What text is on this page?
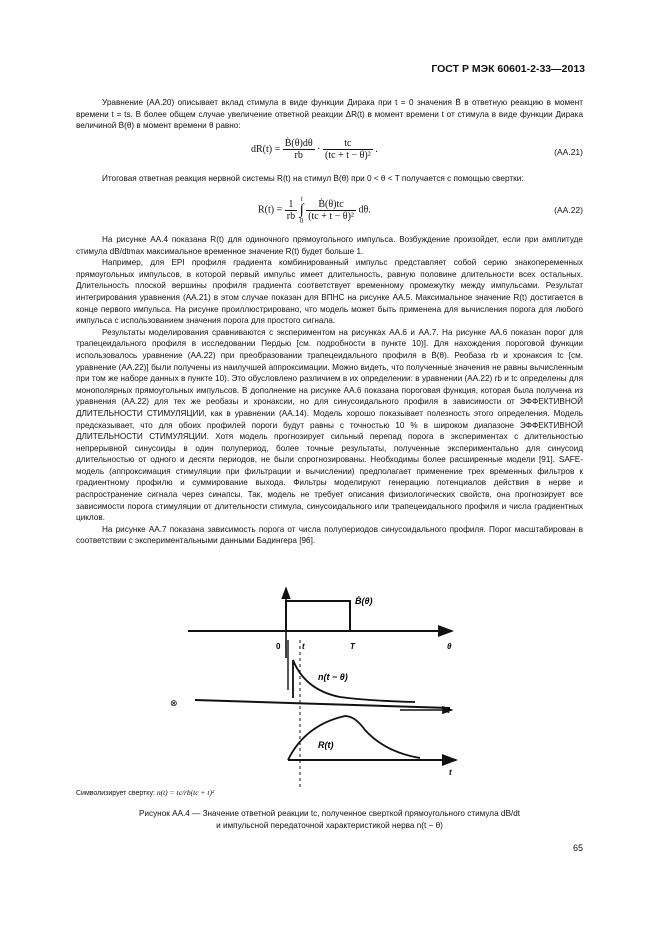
ГОСТ Р МЭК 60601-2-33—2013

Уравнение (АА.20) описывает вклад стимула в виде функции Дирака при t = 0 значения Ḃ в ответную реакцию в момент времени t = ts. В более общем случае увеличение ответной реакции ΔR(t) в момент времени t от стимула в виде функции Дирака величиной Ḃ(θ) в момент времени θ равно:

$dR(t) = \frac{\text{Ḃ(θ)dθ}}{rb} \cdot \frac{tc}{\text{(tc + t − θ)²}}$ .	(АА.21)

Итоговая ответная реакция нервной системы R(t) на стимул Ḃ(θ) при 0 < θ < T получается с помощью свертки:

$R(t) = \frac{1}{rb}$
t
∫
0
$\frac{\text{Ḃ(θ)tc}}{\text{(tc + t − θ)²}} d\theta$.	(АА.22)

На рисунке АА.4 показана R(t) для одиночного прямоугольного импульса. Возбуждение произойдет, если при амплитуде стимула dB/dtmax максимальное временное значение R(t) будет больше 1.

Например, для EPI профиля градиента комбинированный импульс представляет собой серию знакопеременных прямоугольных импульсов, в которой первый импульс имеет длительность, равную половине длительности всех остальных. Длительность плоской вершины профиля градиента соответствует временному промежутку между импульсами. Результат интегрирования уравнения (АА.21) в этом случае показан для ВПНС на рисунке АА.5. Максимальное значение R(t) достигается в конце первого импульса. На рисунке проиллюстрировано, что модель может быть применена для вычисления порога для любого импульса с использованием значения порога для простого сигнала.

Результаты моделирования сравниваются с экспериментом на рисунках АА.6 и АА.7. На рисунке АА.6 показан порог для трапецеидального профиля в исследовании Пердью [см. подробности в пункте 10)]. Для нахождения пороговой функции использовалось уравнение (АА.22) при преобразовании трапецеидального профиля в Ḃ(θ). Реобаза rb и хронаксия tc [см. уравнение (АА.22)] были получены из наилучшей аппроксимации. Можно видеть, что полученные значения не равны вычисленным при том же наборе данных в пункте 10). Это обусловлено различием в их определении: в уравнении (АА.22) rb и tc определены для монополярных прямоугольных импульсов. В дополнение на рисунке АА.6 показана пороговая функция, которая была получена из уравнения (АА.22) для тех же реобазы и хронаксии, но для синусоидального профиля в зависимости от ЭФФЕКТИВНОЙ ДЛИТЕЛЬНОСТИ СТИМУЛЯЦИИ, как в уравнении (АА.14). Модель хорошо показывает полезность этого определения. Модель предсказывает, что для обоих профилей пороги будут равны с точностью 10 % в широком диапазоне ЭФФЕКТИВНОЙ ДЛИТЕЛЬНОСТИ СТИМУЛЯЦИИ. Хотя модель прогнозирует сильный перепад порога в экспериментах с длительностью непрерывной синусоиды в один полупериод, более точные результаты, полученные экспериментально для синусоид длительностью от одного и десяти периодов, не были спрогнозированы. Необходимы более расширенные модели [91]. SAFE-модель (аппроксимация стимуляции при фильтрации и вычислении) предполагает применение трех временных фильтров к градиентному профилю и суммирование выхода. Фильтры моделируют генерацию потенциалов действия в нерве и распространение сигнала через синапсы. Так, модель не требует описания физиологических свойств, она прогнозирует все зависимости порога стимуляции от длительности стимула, синусоидального или трапецеидального профиля и числа градиентных циклов.

На рисунке АА.7 показана зависимость порога от числа полупериодов синусоидального профиля. Порог масштабирован в соответствии с экспериментальными данными Бадингера [96].

Ḃ(θ)
0	t	T	θ
n(t − θ)
⊗
t
R(t)
t
Символизирует свертку: n(t) = tc/rb(tc + t)²
Рисунок АА.4 — Значение ответной реакции tc, полученное сверткой прямоугольного стимула dB/dt
и импульсной передаточной характеристикой нерва n(t − θ)
65
